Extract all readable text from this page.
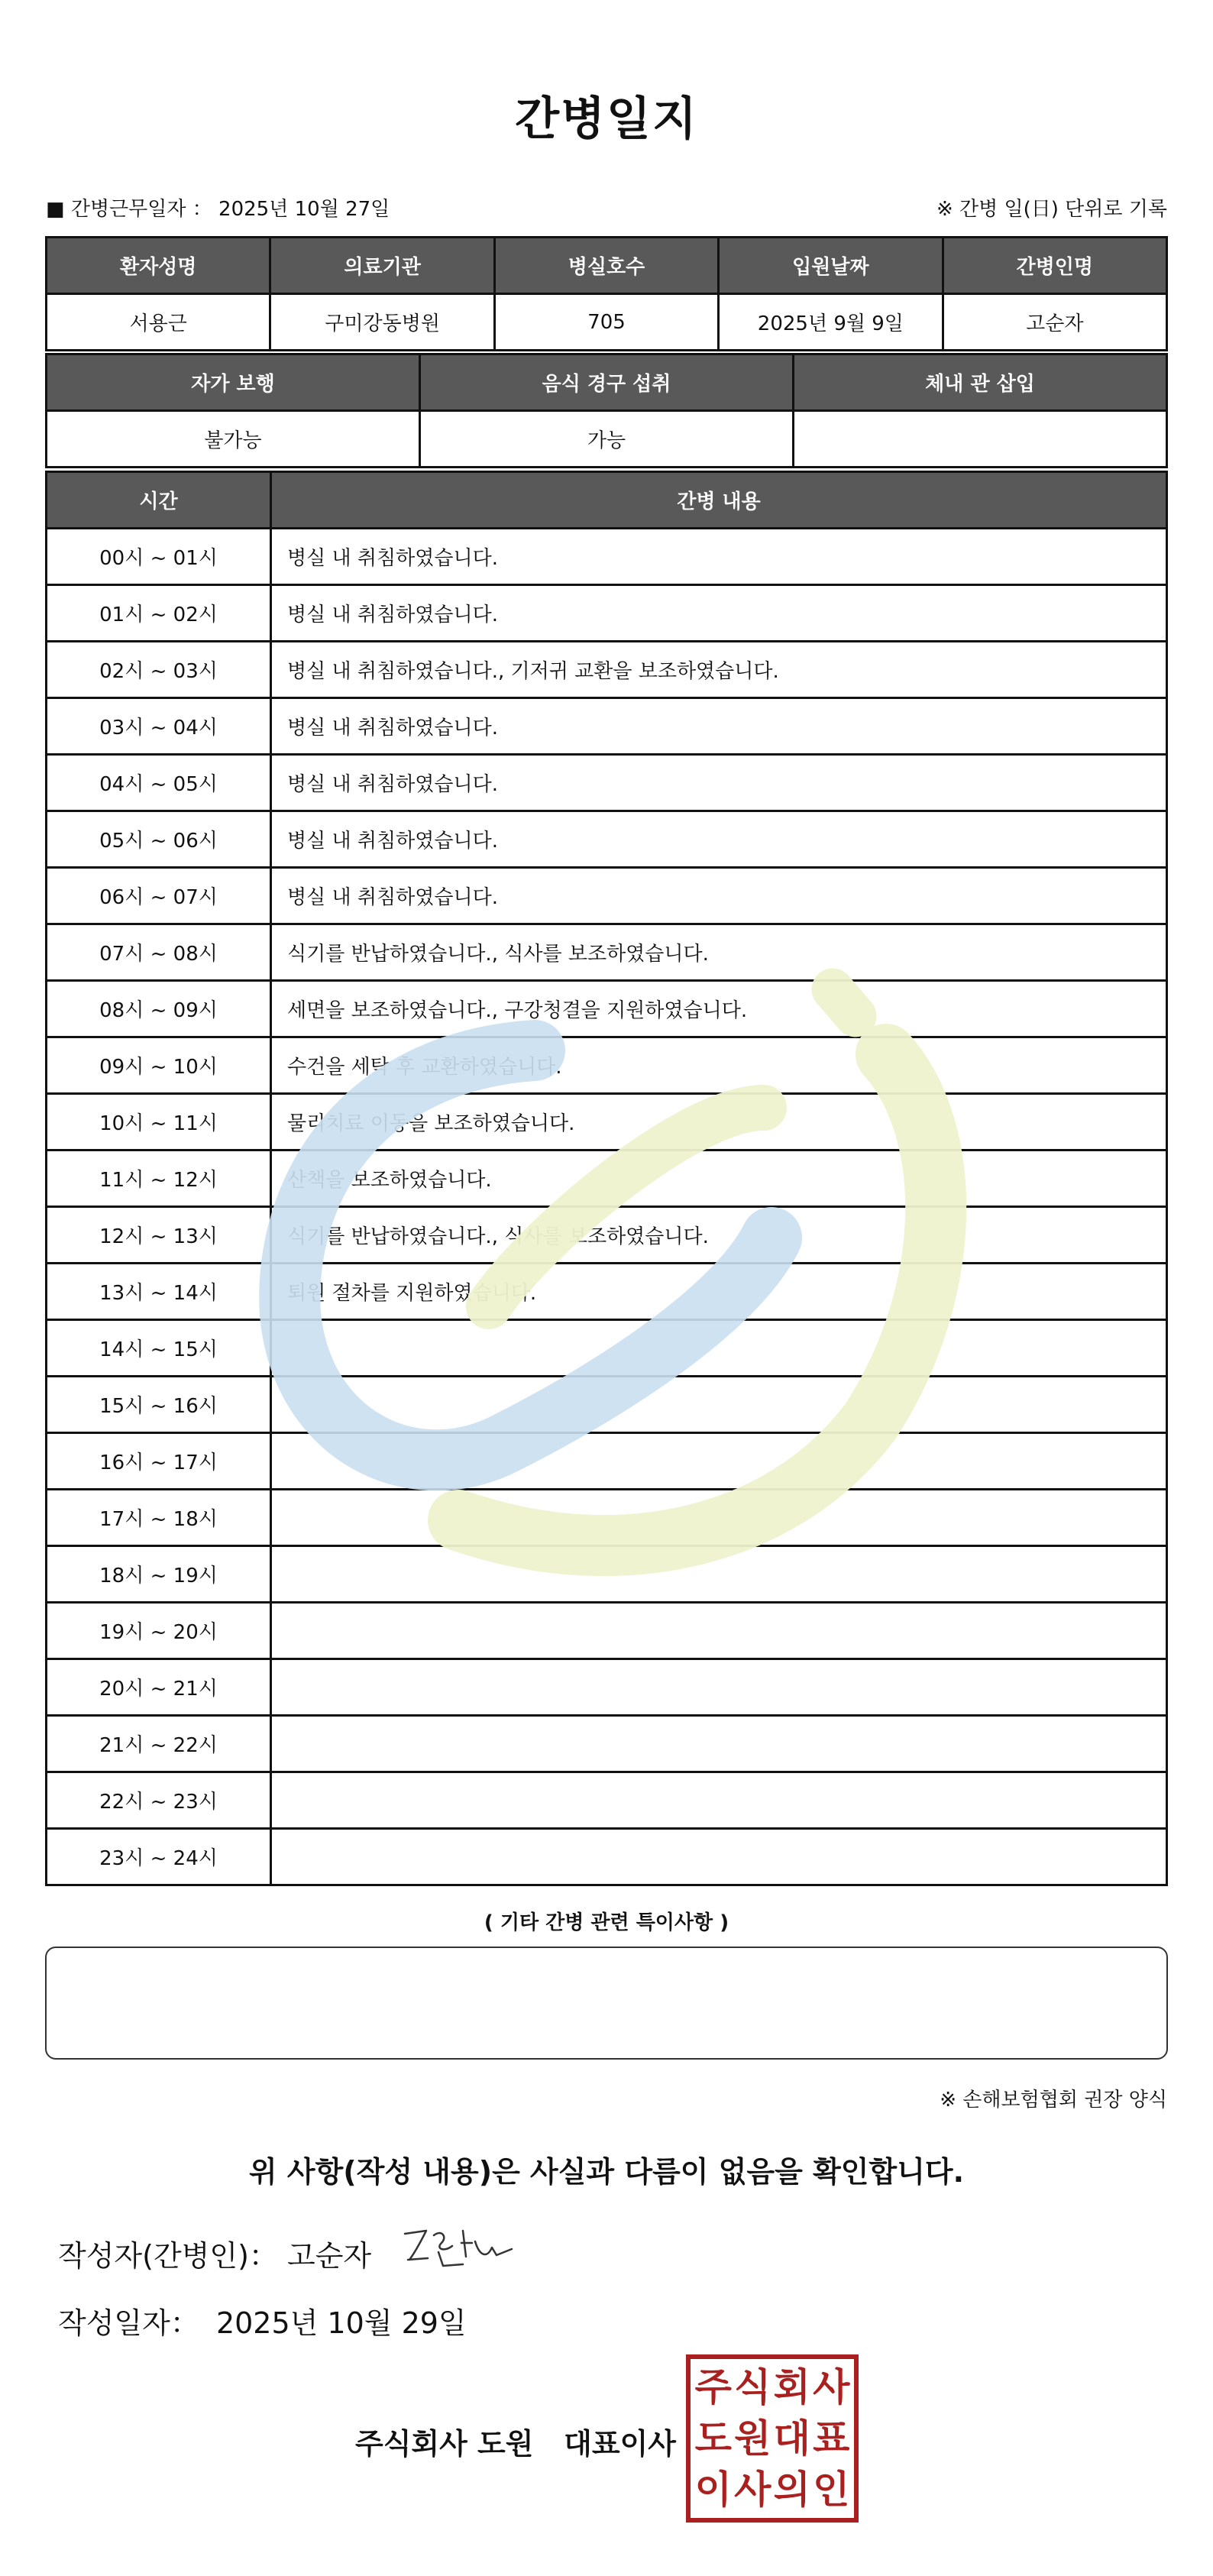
간병일지
■ 간병근무일자 ： 2025년 10월 27일	※ 간병 일(日) 단위로 기록
환자성명	의료기관	병실호수	입원날짜	간병인명
서용근	구미강동병원	705	2025년 9월 9일	고순자
자가 보행	음식 경구 섭취	체내 관 삽입
불가능	가능	
시간	간병 내용
00시 ~ 01시	병실 내 취침하였습니다.
01시 ~ 02시	병실 내 취침하였습니다.
02시 ~ 03시	병실 내 취침하였습니다., 기저귀 교환을 보조하였습니다.
03시 ~ 04시	병실 내 취침하였습니다.
04시 ~ 05시	병실 내 취침하였습니다.
05시 ~ 06시	병실 내 취침하였습니다.
06시 ~ 07시	병실 내 취침하였습니다.
07시 ~ 08시	식기를 반납하였습니다., 식사를 보조하였습니다.
08시 ~ 09시	세면을 보조하였습니다., 구강청결을 지원하였습니다.
09시 ~ 10시	수건을 세탁 후 교환하였습니다.
10시 ~ 11시	물리치료 이동을 보조하였습니다.
11시 ~ 12시	산책을 보조하였습니다.
12시 ~ 13시	식기를 반납하였습니다., 식사를 보조하였습니다.
13시 ~ 14시	퇴원 절차를 지원하였습니다.
14시 ~ 15시	
15시 ~ 16시	
16시 ~ 17시	
17시 ~ 18시	
18시 ~ 19시	
19시 ~ 20시	
20시 ~ 21시	
21시 ~ 22시	
22시 ~ 23시	
23시 ~ 24시	
( 기타 간병 관련 특이사항 )
※ 손해보험협회 권장 양식
위 사항(작성 내용)은 사실과 다름이 없음을 확인합니다.
작성자(간병인)： 고순자
작성일자： 2025년 10월 29일
주식회사 도원   대표이사
주 식 회 사
도 원 대 표
이 사 의 인
